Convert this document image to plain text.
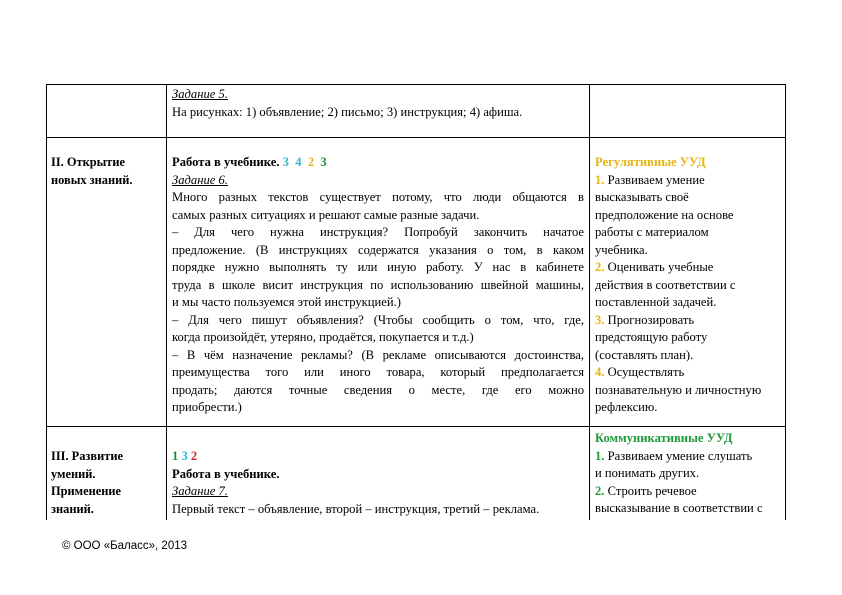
Задание 5.
На рисунках: 1) объявление; 2) письмо; 3) инструкция; 4) афиша.
II. Открытие
новых знаний.
Работа в учебнике. 3 4 2 3
Задание 6.
Много разных текстов существует потому, что люди общаются в
самых разных ситуациях и решают самые разные задачи.
– Для чего нужна инструкция? Попробуй закончить начатое
предложение. (В инструкциях содержатся указания о том, в каком
порядке нужно выполнять ту или иную работу. У нас в кабинете
труда в школе висит инструкция по использованию швейной машины,
и мы часто пользуемся этой инструкцией.)
– Для чего пишут объявления? (Чтобы сообщить о том, что, где,
когда произойдёт, утеряно, продаётся, покупается и т.д.)
– В чём назначение рекламы? (В рекламе описываются достоинства,
преимущества того или иного товара, который предполагается
продать; даются точные сведения о месте, где его можно
приобрести.)
Регулятивные УУД
1. Развиваем умение
высказывать своё
предположение на основе
работы с материалом
учебника.
2. Оценивать учебные
действия в соответствии с
поставленной задачей.
3. Прогнозировать
предстоящую работу
(составлять план).
4. Осуществлять
познавательную и личностную
рефлексию.
III. Развитие
умений.
Применение
знаний.
1 3 2
Работа в учебнике.
Задание 7.
Первый текст – объявление, второй – инструкция, третий – реклама.
Коммуникативные УУД
1. Развиваем умение слушать
и понимать других.
2. Строить речевое
высказывание в соответствии с
© ООО «Баласс», 2013
